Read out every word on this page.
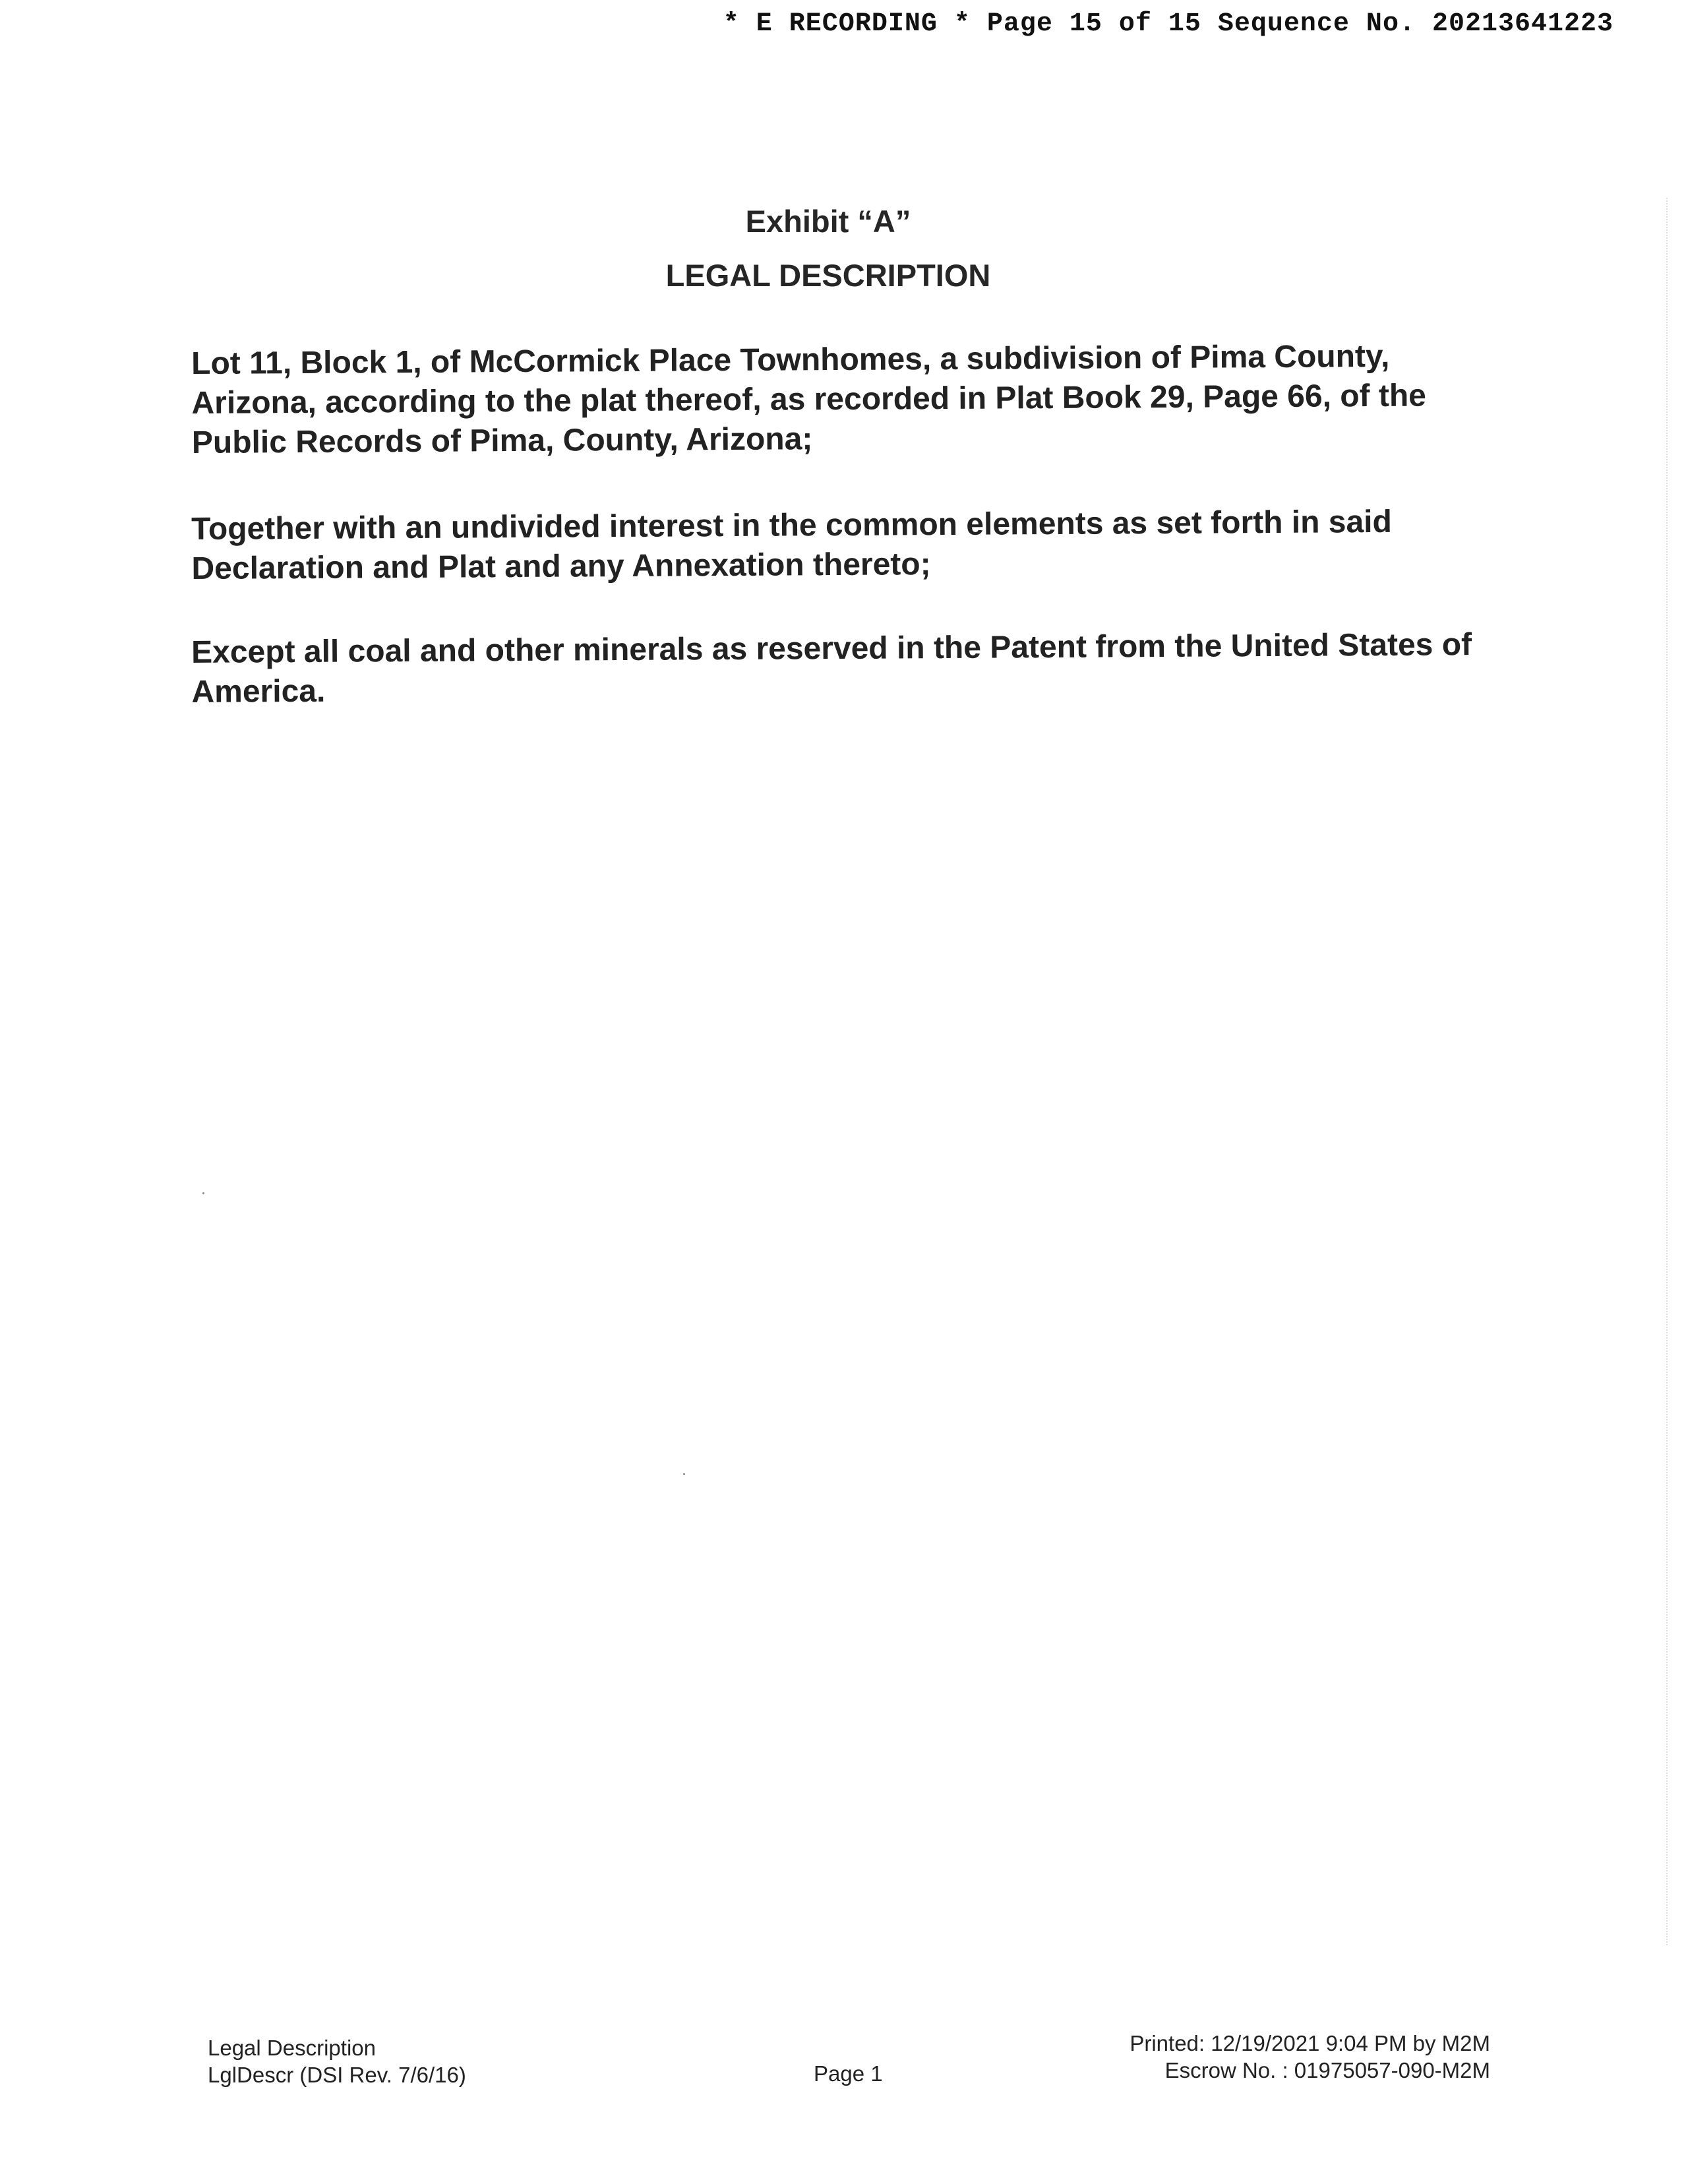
* E RECORDING * Page 15 of 15 Sequence No. 20213641223
Exhibit “A”
LEGAL DESCRIPTION
Lot 11, Block 1, of McCormick Place Townhomes, a subdivision of Pima County, Arizona, according to the plat thereof, as recorded in Plat Book 29, Page 66, of the Public Records of Pima, County, Arizona;
Together with an undivided interest in the common elements as set forth in said Declaration and Plat and any Annexation thereto;
Except all coal and other minerals as reserved in the Patent from the United States of America.
Legal Description
LglDescr (DSI Rev. 7/6/16)	Page 1
Printed: 12/19/2021 9:04 PM by M2M
Escrow No. : 01975057-090-M2M
